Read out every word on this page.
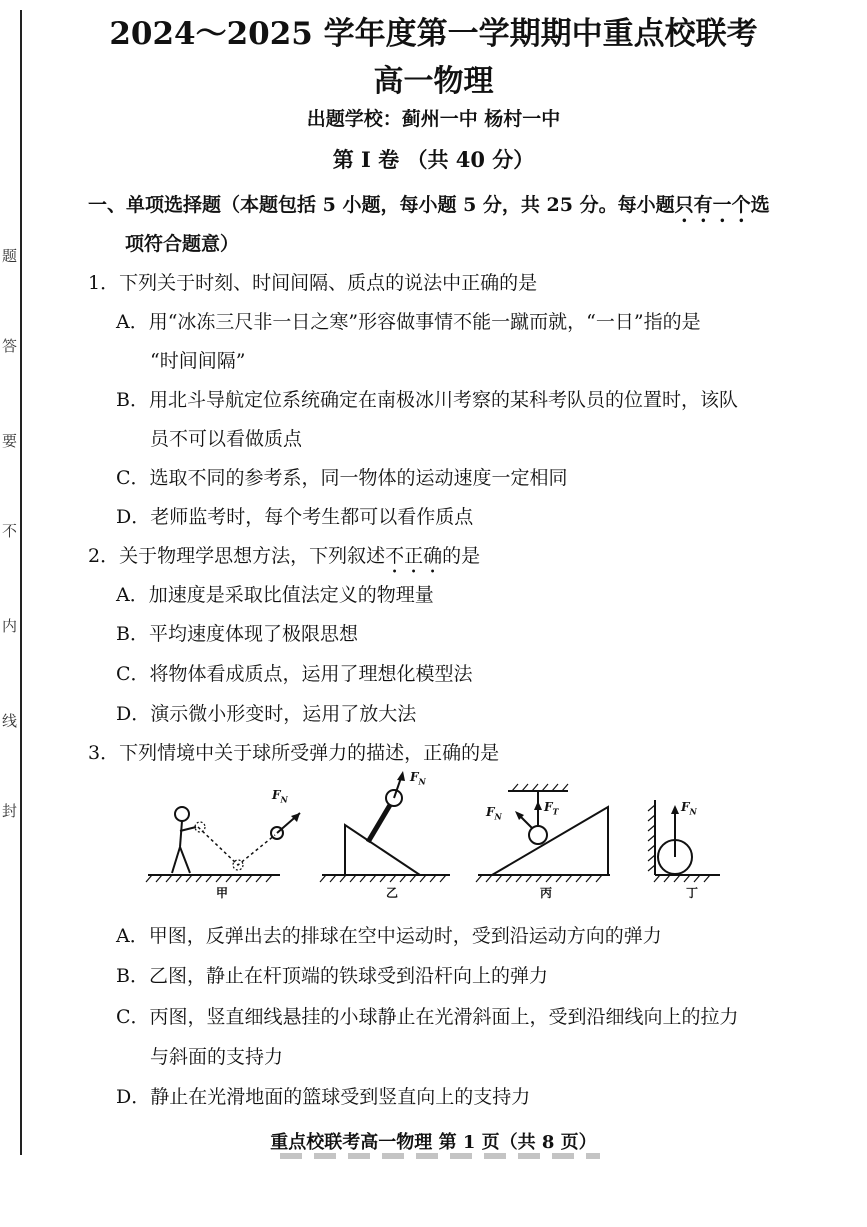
题
答
要
不
内
线
封
2024～2025 学年度第一学期期中重点校联考
高一物理
出题学校：蓟州一中 杨村一中
第 Ⅰ 卷 （共 40 分）
一、单项选择题（本题包括 5 小题，每小题 5 分，共 25 分。每小题只有一个选
项符合题意）
1．下列关于时刻、时间间隔、质点的说法中正确的是
A．用“冰冻三尺非一日之寒”形容做事情不能一蹴而就，“一日”指的是
“时间间隔”
B．用北斗导航定位系统确定在南极冰川考察的某科考队员的位置时，该队
员不可以看做质点
C．选取不同的参考系，同一物体的运动速度一定相同
D．老师监考时，每个考生都可以看作质点
2．关于物理学思想方法，下列叙述不正确的是
A．加速度是采取比值法定义的物理量
B．平均速度体现了极限思想
C．将物体看成质点，运用了理想化模型法
D．演示微小形变时，运用了放大法
3．下列情境中关于球所受弹力的描述，正确的是
$F_N$
$F_N$
$F_N$
$F_T$	$F_N$
甲	乙	丙	丁
A．甲图，反弹出去的排球在空中运动时，受到沿运动方向的弹力
B．乙图，静止在杆顶端的铁球受到沿杆向上的弹力
C．丙图，竖直细线悬挂的小球静止在光滑斜面上，受到沿细线向上的拉力
与斜面的支持力
D．静止在光滑地面的篮球受到竖直向上的支持力
重点校联考高一物理 第 1 页（共 8 页）
